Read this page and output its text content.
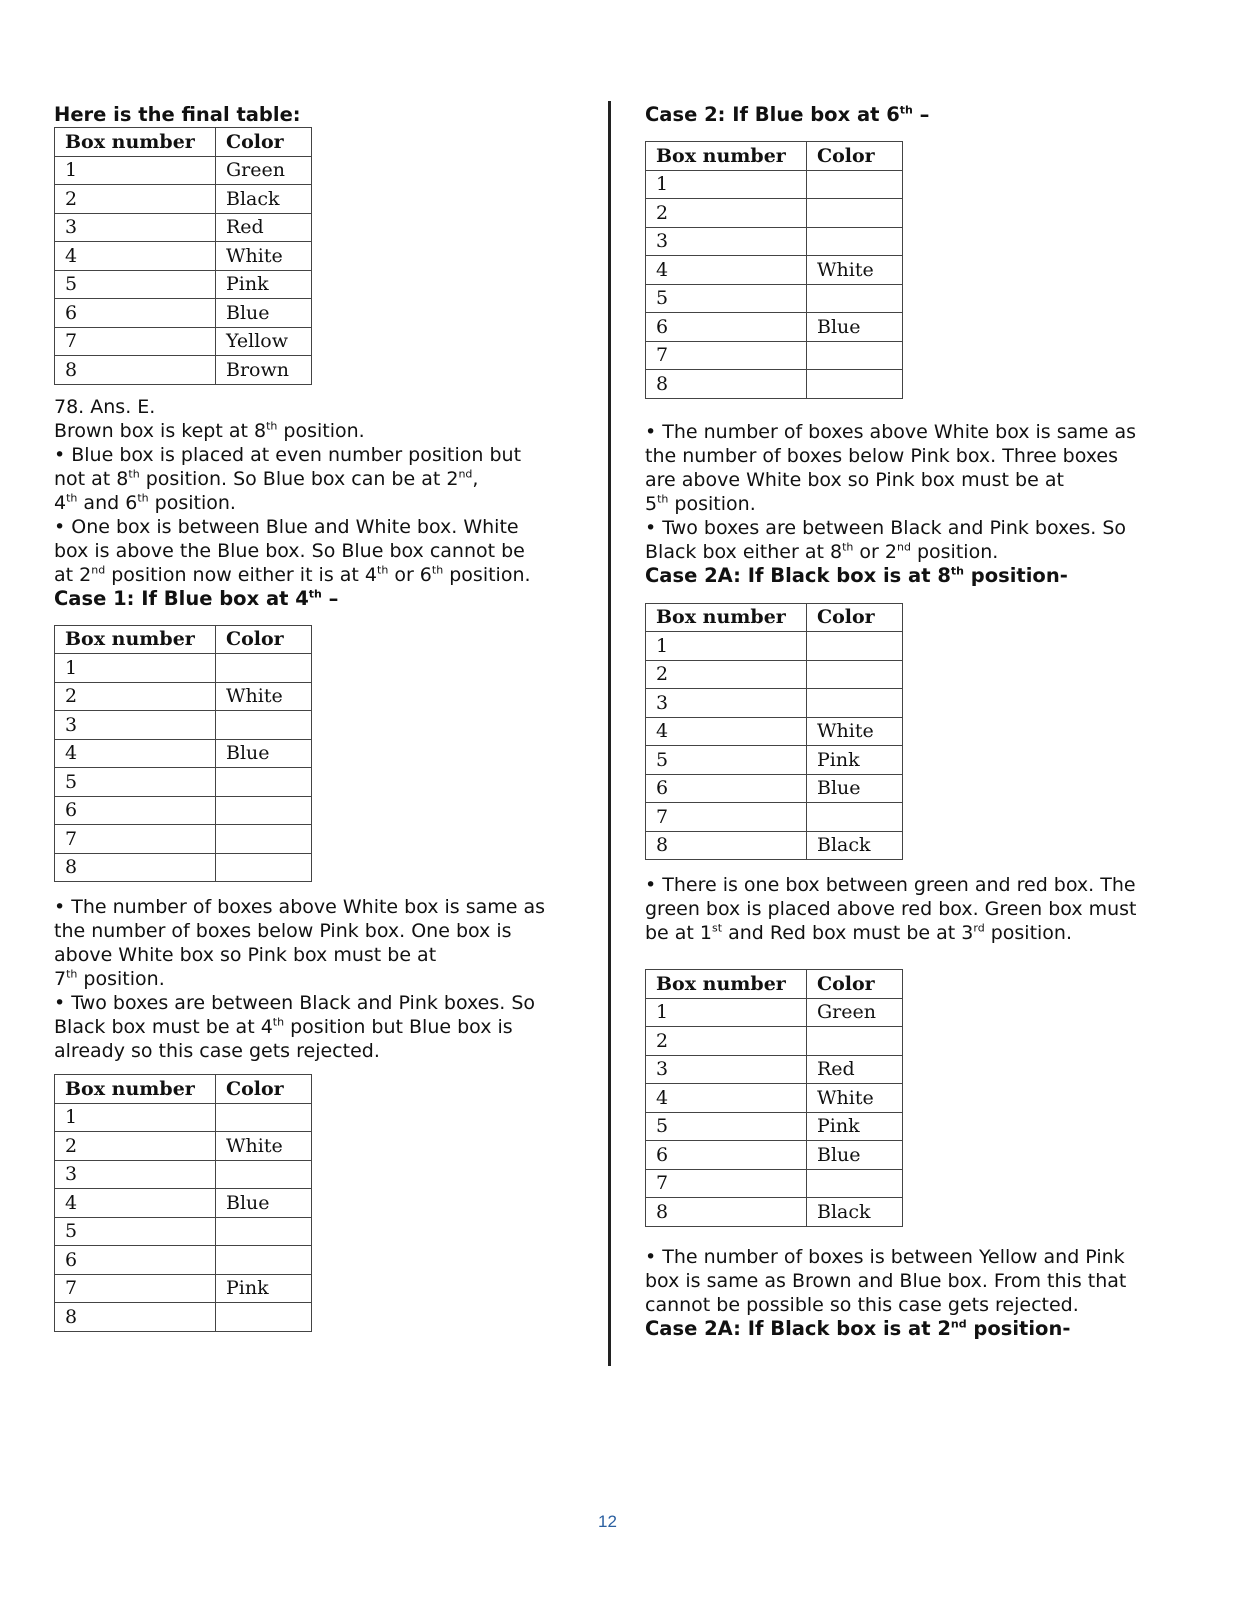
Here is the final table:

Box number	Color
1	Green
2	Black
3	Red
4	White
5	Pink
6	Blue
7	Yellow
8	Brown

78. Ans. E.

Brown box is kept at 8th position.

• Blue box is placed at even number position but

not at 8th position. So Blue box can be at 2nd,

4th and 6th position.

• One box is between Blue and White box. White

box is above the Blue box. So Blue box cannot be

at 2nd position now either it is at 4th or 6th position.

Case 1: If Blue box at 4th –

Box number	Color
1	
2	White
3	
4	Blue
5	
6	
7	
8	

• The number of boxes above White box is same as

the number of boxes below Pink box. One box is

above White box so Pink box must be at

7th position.

• Two boxes are between Black and Pink boxes. So

Black box must be at 4th position but Blue box is

already so this case gets rejected.

Box number	Color
1	
2	White
3	
4	Blue
5	
6	
7	Pink
8	

Case 2: If Blue box at 6th –

Box number	Color
1	
2	
3	
4	White
5	
6	Blue
7	
8	

• The number of boxes above White box is same as

the number of boxes below Pink box. Three boxes

are above White box so Pink box must be at

5th position.

• Two boxes are between Black and Pink boxes. So

Black box either at 8th or 2nd position.

Case 2A: If Black box is at 8th position-

Box number	Color
1	
2	
3	
4	White
5	Pink
6	Blue
7	
8	Black

• There is one box between green and red box. The

green box is placed above red box. Green box must

be at 1st and Red box must be at 3rd position.

Box number	Color
1	Green
2	
3	Red
4	White
5	Pink
6	Blue
7	
8	Black

• The number of boxes is between Yellow and Pink

box is same as Brown and Blue box. From this that

cannot be possible so this case gets rejected.

Case 2A: If Black box is at 2nd position-

12
